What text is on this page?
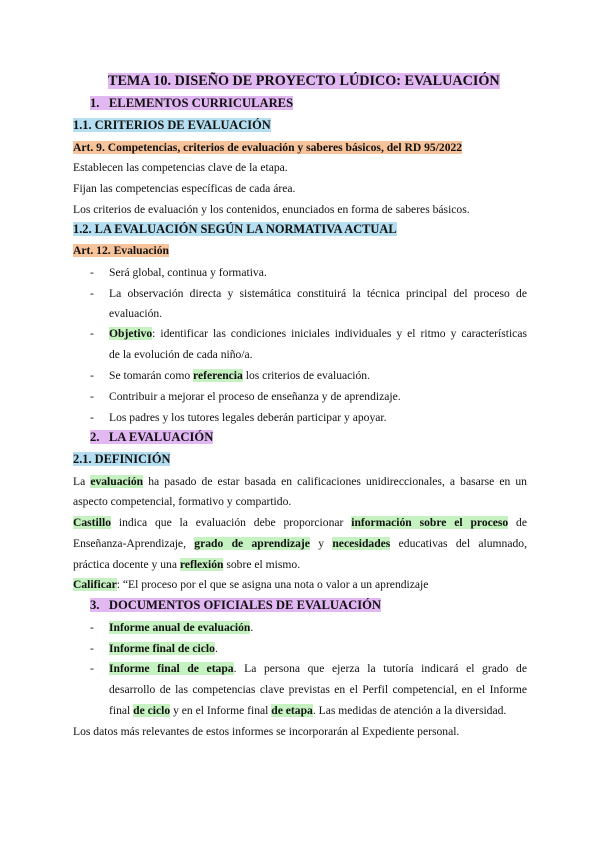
TEMA 10. DISEÑO DE PROYECTO LÚDICO: EVALUACIÓN
1. ELEMENTOS CURRICULARES
1.1. CRITERIOS DE EVALUACIÓN
Art. 9. Competencias, criterios de evaluación y saberes básicos, del RD 95/2022
Establecen las competencias clave de la etapa.
Fijan las competencias específicas de cada área.
Los criterios de evaluación y los contenidos, enunciados en forma de saberes básicos.
1.2. LA EVALUACIÓN SEGÚN LA NORMATIVA ACTUAL
Art. 12. Evaluación
- Será global, continua y formativa.
- La observación directa y sistemática constituirá la técnica principal del proceso de
evaluación.
- Objetivo: identificar las condiciones iniciales individuales y el ritmo y características
de la evolución de cada niño/a.
- Se tomarán como referencia los criterios de evaluación.
- Contribuir a mejorar el proceso de enseñanza y de aprendizaje.
- Los padres y los tutores legales deberán participar y apoyar.
2. LA EVALUACIÓN
2.1. DEFINICIÓN
La evaluación ha pasado de estar basada en calificaciones unidireccionales, a basarse en un
aspecto competencial, formativo y compartido.
Castillo indica que la evaluación debe proporcionar información sobre el proceso de
Enseñanza-Aprendizaje, grado de aprendizaje y necesidades educativas del alumnado,
práctica docente y una reflexión sobre el mismo.
Calificar: “El proceso por el que se asigna una nota o valor a un aprendizaje
3. DOCUMENTOS OFICIALES DE EVALUACIÓN
- Informe anual de evaluación.
- Informe final de ciclo.
- Informe final de etapa. La persona que ejerza la tutoría indicará el grado de
desarrollo de las competencias clave previstas en el Perfil competencial, en el Informe
final de ciclo y en el Informe final de etapa. Las medidas de atención a la diversidad.
Los datos más relevantes de estos informes se incorporarán al Expediente personal.
